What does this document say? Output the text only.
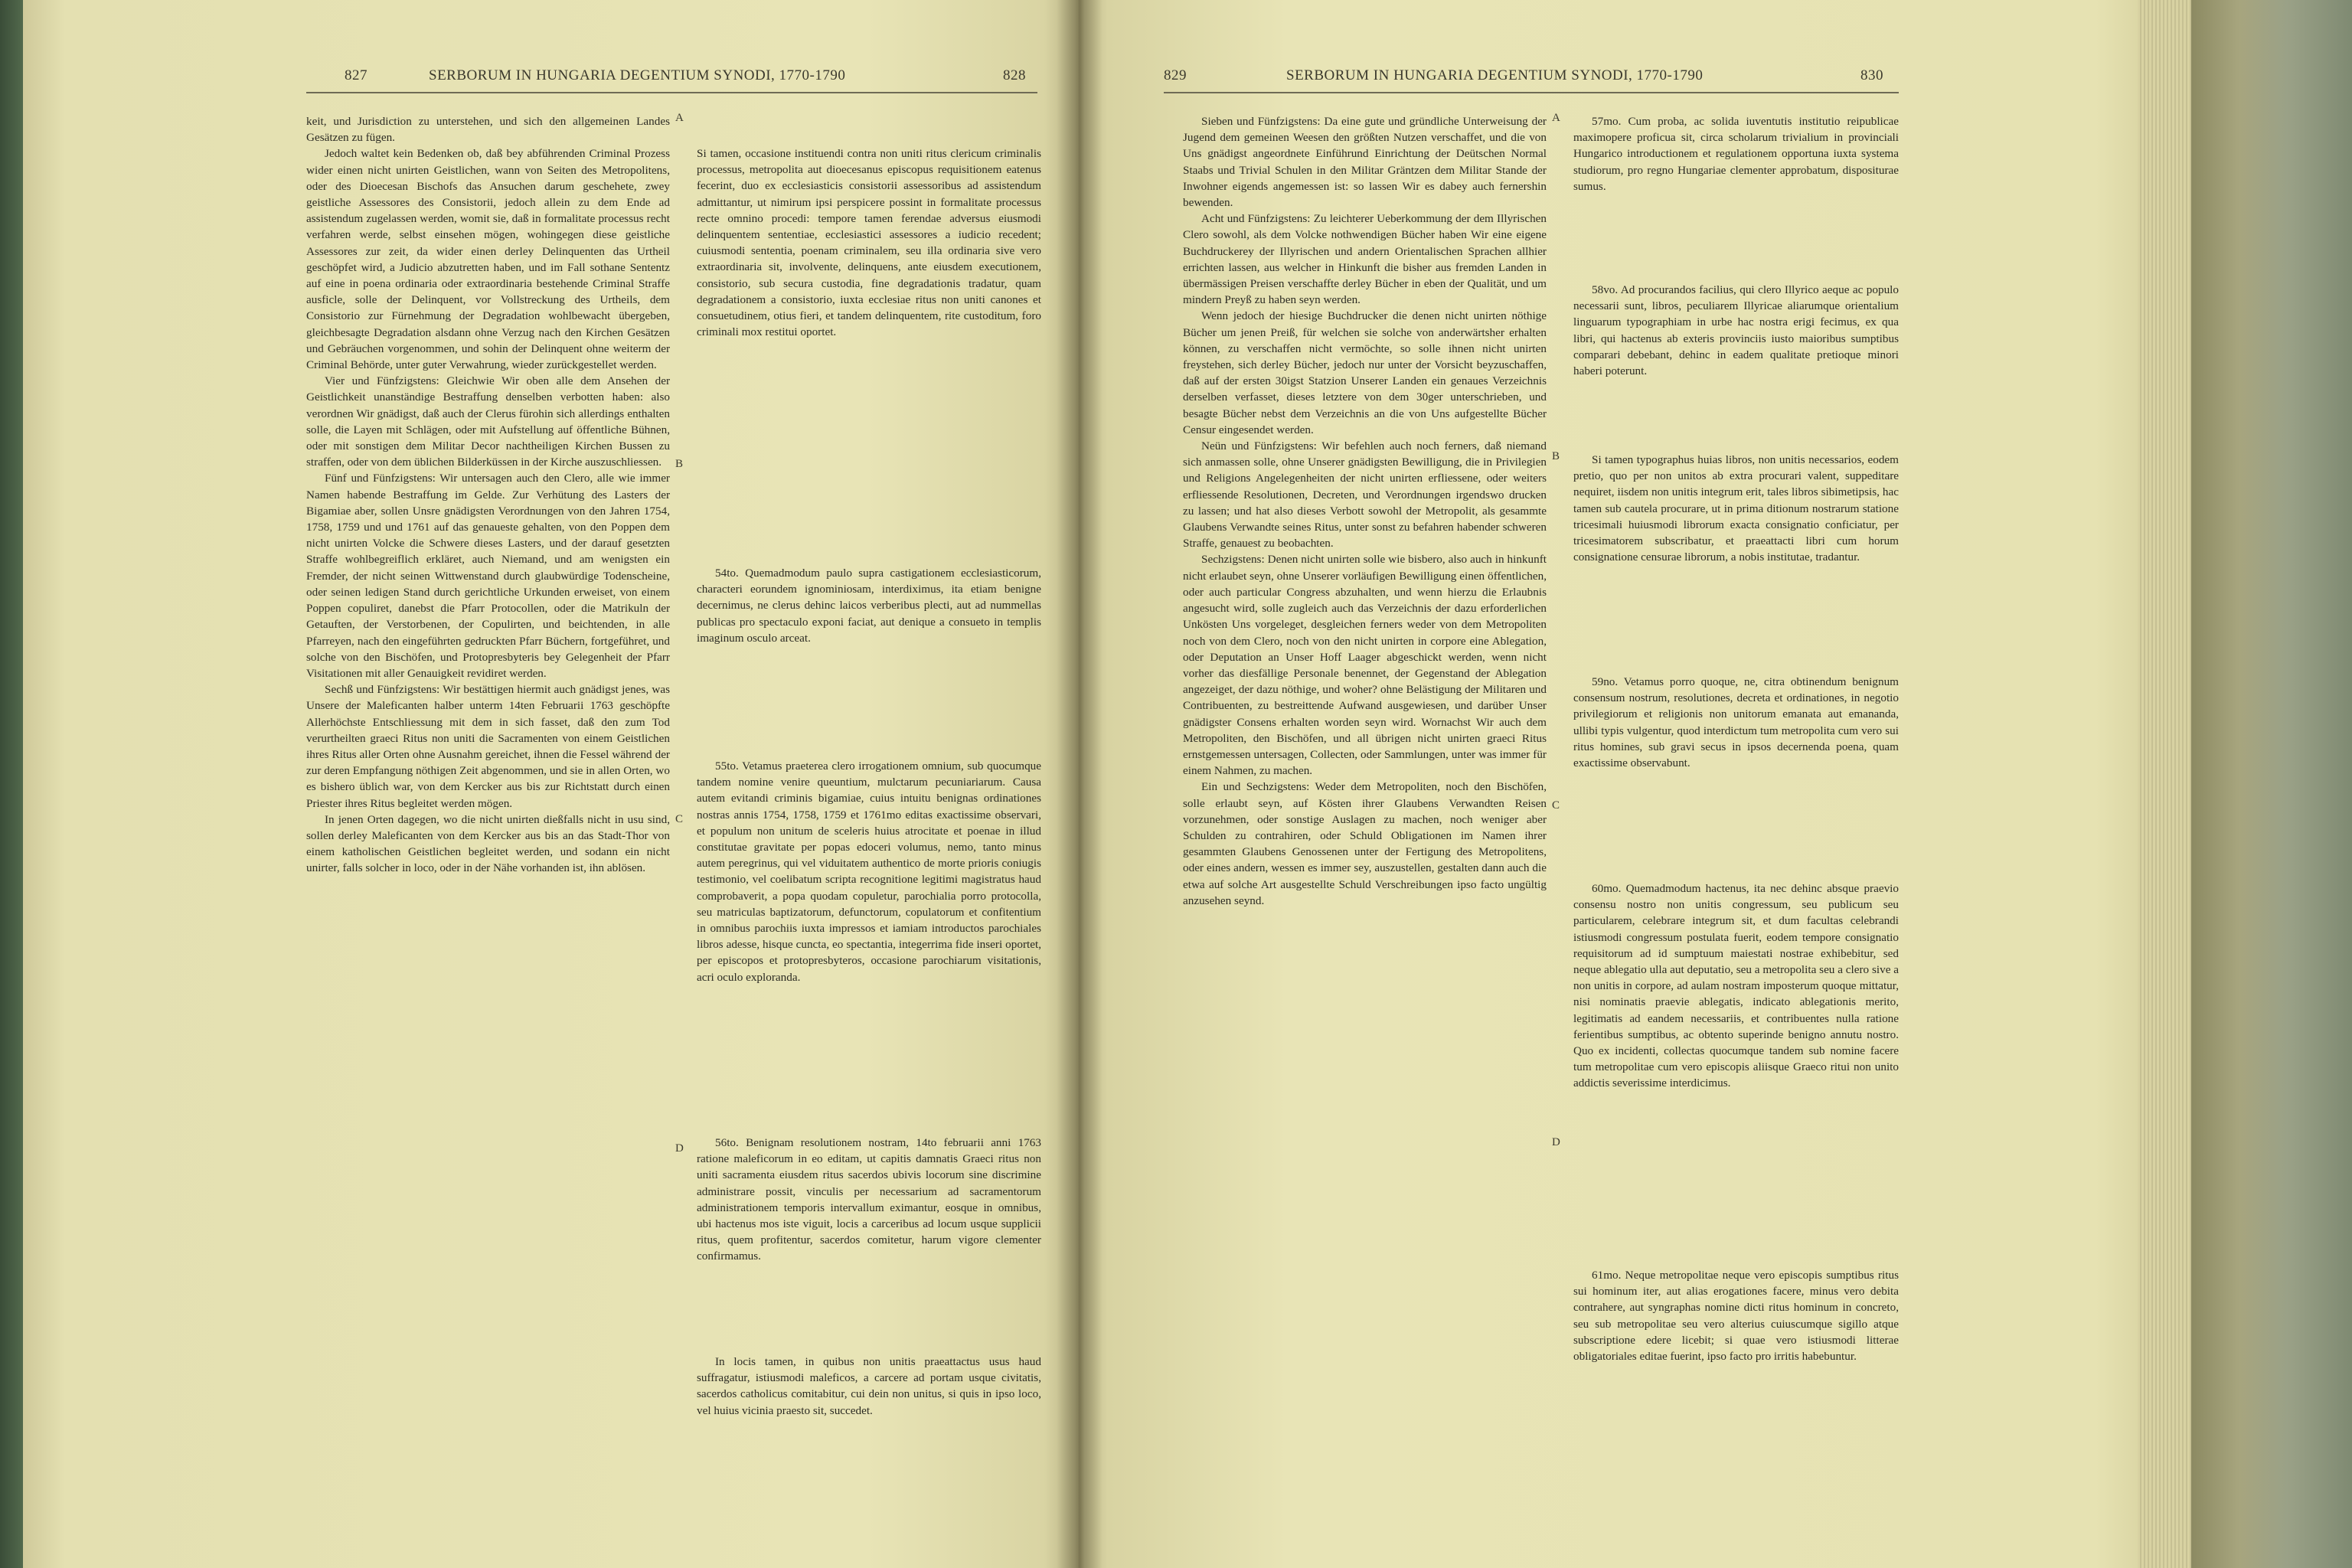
827	SERBORUM IN HUNGARIA DEGENTIUM SYNODI, 1770-1790	828

keit, und Jurisdiction zu unterstehen, und sich den allgemeinen Landes Gesätzen zu fügen.

Jedoch waltet kein Bedenken ob, daß bey abführenden Criminal Prozess wider einen nicht unirten Geistlichen, wann von Seiten des Metropolitens, oder des Dioecesan Bischofs das Ansuchen darum geschehete, zwey geistliche Assessores des Consistorii, jedoch allein zu dem Ende ad assistendum zugelassen werden, womit sie, daß in formalitate processus recht verfahren werde, selbst einsehen mögen, wohingegen diese geistliche Assessores zur zeit, da wider einen derley Delinquenten das Urtheil geschöpfet wird, a Judicio abzutretten haben, und im Fall sothane Sententz auf eine in poena ordinaria oder extraordinaria bestehende Criminal Straffe ausficle, solle der Delinquent, vor Vollstreckung des Urtheils, dem Consistorio zur Fürnehmung der Degradation wohlbewacht übergeben, gleichbesagte Degradation alsdann ohne Verzug nach den Kirchen Gesätzen und Gebräuchen vorgenommen, und sohin der Delinquent ohne weiterm der Criminal Behörde, unter guter Verwahrung, wieder zurückgestellet werden.

Vier und Fünfzigstens: Gleichwie Wir oben alle dem Ansehen der Geistlichkeit unanständige Bestraffung denselben verbotten haben: also verordnen Wir gnädigst, daß auch der Clerus fürohin sich allerdings enthalten solle, die Layen mit Schlägen, oder mit Aufstellung auf öffentliche Bühnen, oder mit sonstigen dem Militar Decor nachtheiligen Kirchen Bussen zu straffen, oder von dem üblichen Bilderküssen in der Kirche auszuschliessen.

Fünf und Fünfzigstens: Wir untersagen auch den Clero, alle wie immer Namen habende Bestraffung im Gelde. Zur Verhütung des Lasters der Bigamiae aber, sollen Unsre gnädigsten Verordnungen von den Jahren 1754, 1758, 1759 und und 1761 auf das genaueste gehalten, von den Poppen dem nicht unirten Volcke die Schwere dieses Lasters, und der darauf gesetzten Straffe wohlbegreiflich erkläret, auch Niemand, und am wenigsten ein Fremder, der nicht seinen Wittwenstand durch glaubwürdige Todenscheine, oder seinen ledigen Stand durch gerichtliche Urkunden erweiset, von einem Poppen copuliret, danebst die Pfarr Protocollen, oder die Matrikuln der Getauften, der Verstorbenen, der Copulirten, und beichtenden, in alle Pfarreyen, nach den eingeführten gedruckten Pfarr Büchern, fortgeführet, und solche von den Bischöfen, und Protopresbyteris bey Gelegenheit der Pfarr Visitationen mit aller Genauigkeit revidiret werden.

Sechß und Fünfzigstens: Wir bestättigen hiermit auch gnädigst jenes, was Unsere der Maleficanten halber unterm 14ten Februarii 1763 geschöpfte Allerhöchste Entschliessung mit dem in sich fasset, daß den zum Tod verurtheilten graeci Ritus non uniti die Sacramenten von einem Geistlichen ihres Ritus aller Orten ohne Ausnahm gereichet, ihnen die Fessel während der zur deren Empfangung nöthigen Zeit abgenommen, und sie in allen Orten, wo es bishero üblich war, von dem Kercker aus bis zur Richtstatt durch einen Priester ihres Ritus begleitet werden mögen.

In jenen Orten dagegen, wo die nicht unirten dießfalls nicht in usu sind, sollen derley Maleficanten von dem Kercker aus bis an das Stadt-Thor von einem katholischen Geistlichen begleitet werden, und sodann ein nicht unirter, falls solcher in loco, oder in der Nähe vorhanden ist, ihn ablösen.

A
B
C
D

Si tamen, occasione instituendi contra non uniti ritus clericum criminalis processus, metropolita aut dioecesanus episcopus requisitionem eatenus fecerint, duo ex ecclesiasticis consistorii assessoribus ad assistendum admittantur, ut nimirum ipsi perspicere possint in formalitate processus recte omnino procedi: tempore tamen ferendae adversus eiusmodi delinquentem sententiae, ecclesiastici assessores a iudicio recedent; cuiusmodi sententia, poenam criminalem, seu illa ordinaria sive vero extraordinaria sit, involvente, delinquens, ante eiusdem executionem, consistorio, sub secura custodia, fine degradationis tradatur, quam degradationem a consistorio, iuxta ecclesiae ritus non uniti canones et consuetudinem, otius fieri, et tandem delinquentem, rite custoditum, foro criminali mox restitui oportet.

54to. Quemadmodum paulo supra castigationem ecclesiasticorum, characteri eorundem ignominiosam, interdiximus, ita etiam benigne decernimus, ne clerus dehinc laicos verberibus plecti, aut ad nummellas publicas pro spectaculo exponi faciat, aut denique a consueto in templis imaginum osculo arceat.

55to. Vetamus praeterea clero irrogationem omnium, sub quocumque tandem nomine venire queuntium, mulctarum pecuniariarum. Causa autem evitandi criminis bigamiae, cuius intuitu benignas ordinationes nostras annis 1754, 1758, 1759 et 1761mo editas exactissime observari, et populum non unitum de sceleris huius atrocitate et poenae in illud constitutae gravitate per popas edoceri volumus, nemo, tanto minus autem peregrinus, qui vel viduitatem authentico de morte prioris coniugis testimonio, vel coelibatum scripta recognitione legitimi magistratus haud comprobaverit, a popa quodam copuletur, parochialia porro protocolla, seu matriculas baptizatorum, defunctorum, copulatorum et confitentium in omnibus parochiis iuxta impressos et iamiam introductos parochiales libros adesse, hisque cuncta, eo spectantia, integerrima fide inseri oportet, per episcopos et protopresbyteros, occasione parochiarum visitationis, acri oculo exploranda.

56to. Benignam resolutionem nostram, 14to februarii anni 1763 ratione maleficorum in eo editam, ut capitis damnatis Graeci ritus non uniti sacramenta eiusdem ritus sacerdos ubivis locorum sine discrimine administrare possit, vinculis per necessarium ad sacramentorum administrationem temporis intervallum eximantur, eosque in omnibus, ubi hactenus mos iste viguit, locis a carceribus ad locum usque supplicii ritus, quem profitentur, sacerdos comitetur, harum vigore clementer confirmamus.

In locis tamen, in quibus non unitis praeattactus usus haud suffragatur, istiusmodi maleficos, a carcere ad portam usque civitatis, sacerdos catholicus comitabitur, cui dein non unitus, si quis in ipso loco, vel huius vicinia praesto sit, succedet.

829	SERBORUM IN HUNGARIA DEGENTIUM SYNODI, 1770-1790	830

Sieben und Fünfzigstens: Da eine gute und gründliche Unterweisung der Jugend dem gemeinen Weesen den größten Nutzen verschaffet, und die von Uns gnädigst angeordnete Einführund Einrichtung der Deütschen Normal Staabs und Trivial Schulen in den Militar Gräntzen dem Militar Stande der Inwohner eigends angemessen ist: so lassen Wir es dabey auch fernershin bewenden.

Acht und Fünfzigstens: Zu leichterer Ueberkommung der dem Illyrischen Clero sowohl, als dem Volcke nothwendigen Bücher haben Wir eine eigene Buchdruckerey der Illyrischen und andern Orientalischen Sprachen allhier errichten lassen, aus welcher in Hinkunft die bisher aus fremden Landen in übermässigen Preisen verschaffte derley Bücher in eben der Qualität, und um mindern Preyß zu haben seyn werden.

Wenn jedoch der hiesige Buchdrucker die denen nicht unirten nöthige Bücher um jenen Preiß, für welchen sie solche von anderwärtsher erhalten können, zu verschaffen nicht vermöchte, so solle ihnen nicht unirten freystehen, sich derley Bücher, jedoch nur unter der Vorsicht beyzuschaffen, daß auf der ersten 30igst Statzion Unserer Landen ein genaues Verzeichnis derselben verfasset, dieses letztere von dem 30ger unterschrieben, und besagte Bücher nebst dem Verzeichnis an die von Uns aufgestellte Bücher Censur eingesendet werden.

Neün und Fünfzigstens: Wir befehlen auch noch ferners, daß niemand sich anmassen solle, ohne Unserer gnädigsten Bewilligung, die in Privilegien und Religions Angelegenheiten der nicht unirten erfliessene, oder weiters erfliessende Resolutionen, Decreten, und Verordnungen irgendswo drucken zu lassen; und hat also dieses Verbott sowohl der Metropolit, als gesammte Glaubens Verwandte seines Ritus, unter sonst zu befahren habender schweren Straffe, genauest zu beobachten.

Sechzigstens: Denen nicht unirten solle wie bisbero, also auch in hinkunft nicht erlaubet seyn, ohne Unserer vorläufigen Bewilligung einen öffentlichen, oder auch particular Congress abzuhalten, und wenn hierzu die Erlaubnis angesucht wird, solle zugleich auch das Verzeichnis der dazu erforderlichen Unkösten Uns vorgeleget, desgleichen ferners weder von dem Metropoliten noch von dem Clero, noch von den nicht unirten in corpore eine Ablegation, oder Deputation an Unser Hoff Laager abgeschickt werden, wenn nicht vorher das diesfällige Personale benennet, der Gegenstand der Ablegation angezeiget, der dazu nöthige, und woher? ohne Belästigung der Militaren und Contribuenten, zu bestreittende Aufwand ausgewiesen, und darüber Unser gnädigster Consens erhalten worden seyn wird. Wornachst Wir auch dem Metropoliten, den Bischöfen, und all übrigen nicht unirten graeci Ritus ernstgemessen untersagen, Collecten, oder Sammlungen, unter was immer für einem Nahmen, zu machen.

Ein und Sechzigstens: Weder dem Metropoliten, noch den Bischöfen, solle erlaubt seyn, auf Kösten ihrer Glaubens Verwandten Reisen vorzunehmen, oder sonstige Auslagen zu machen, noch weniger aber Schulden zu contrahiren, oder Schuld Obligationen im Namen ihrer gesammten Glaubens Genossenen unter der Fertigung des Metropolitens, oder eines andern, wessen es immer sey, auszustellen, gestalten dann auch die etwa auf solche Art ausgestellte Schuld Verschreibungen ipso facto ungültig anzusehen seynd.

A
B
C
D

57mo. Cum proba, ac solida iuventutis institutio reipublicae maximopere proficua sit, circa scholarum trivialium in provinciali Hungarico introductionem et regulationem opportuna iuxta systema studiorum, pro regno Hungariae clementer approbatum, dispositurae sumus.

58vo. Ad procurandos facilius, qui clero Illyrico aeque ac populo necessarii sunt, libros, peculiarem Illyricae aliarumque orientalium linguarum typographiam in urbe hac nostra erigi fecimus, ex qua libri, qui hactenus ab exteris provinciis iusto maioribus sumptibus comparari debebant, dehinc in eadem qualitate pretioque minori haberi poterunt.

Si tamen typographus huias libros, non unitis necessarios, eodem pretio, quo per non unitos ab extra procurari valent, suppeditare nequiret, iisdem non unitis integrum erit, tales libros sibimetipsis, hac tamen sub cautela procurare, ut in prima ditionum nostrarum statione tricesimali huiusmodi librorum exacta consignatio conficiatur, per tricesimatorem subscribatur, et praeattacti libri cum horum consignatione censurae librorum, a nobis institutae, tradantur.

59no. Vetamus porro quoque, ne, citra obtinendum benignum consensum nostrum, resolutiones, decreta et ordinationes, in negotio privilegiorum et religionis non unitorum emanata aut emananda, ullibi typis vulgentur, quod interdictum tum metropolita cum vero sui ritus homines, sub gravi secus in ipsos decernenda poena, quam exactissime observabunt.

60mo. Quemadmodum hactenus, ita nec dehinc absque praevio consensu nostro non unitis congressum, seu publicum seu particularem, celebrare integrum sit, et dum facultas celebrandi istiusmodi congressum postulata fuerit, eodem tempore consignatio requisitorum ad id sumptuum maiestati nostrae exhibebitur, sed neque ablegatio ulla aut deputatio, seu a metropolita seu a clero sive a non unitis in corpore, ad aulam nostram imposterum quoque mittatur, nisi nominatis praevie ablegatis, indicato ablegationis merito, legitimatis ad eandem necessariis, et contribuentes nulla ratione ferientibus sumptibus, ac obtento superinde benigno annutu nostro. Quo ex incidenti, collectas quocumque tandem sub nomine facere tum metropolitae cum vero episcopis aliisque Graeco ritui non unito addictis severissime interdicimus.

61mo. Neque metropolitae neque vero episcopis sumptibus ritus sui hominum iter, aut alias erogationes facere, minus vero debita contrahere, aut syngraphas nomine dicti ritus hominum in concreto, seu sub metropolitae seu vero alterius cuiuscumque sigillo atque subscriptione edere licebit; si quae vero istiusmodi litterae obligatoriales editae fuerint, ipso facto pro irritis habebuntur.
